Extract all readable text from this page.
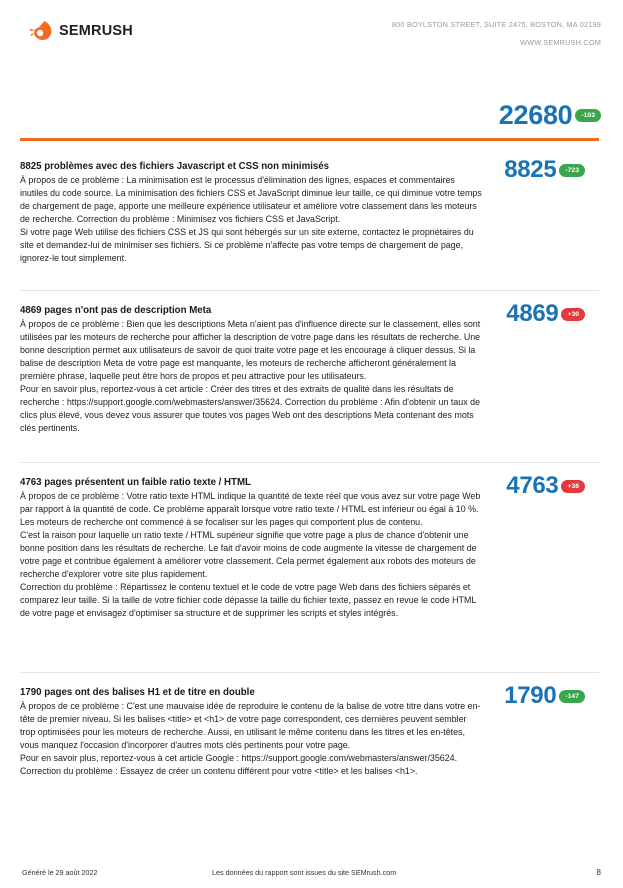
SEMRUSH	800 BOYLSTON STREET, SUITE 2475, BOSTON, MA 02199
WWW.SEMRUSH.COM
22680	-103
8825 problèmes avec des fichiers Javascript et CSS non minimisés
À propos de ce problème : La minimisation est le processus d'élimination des lignes, espaces et commentaires inutiles du code source. La minimisation des fichiers CSS et JavaScript diminue leur taille, ce qui diminue votre temps de chargement de page, apporte une meilleure expérience utilisateur et améliore votre classement dans les moteurs de recherche. Correction du problème : Minimisez vos fichiers CSS et JavaScript.
Si votre page Web utilise des fichiers CSS et JS qui sont hébergés sur un site externe, contactez le propriétaires du site et demandez-lui de minimiser ses fichiers. Si ce problème n'affecte pas votre temps de chargement de page, ignorez-le tout simplement.
8825	-723
4869 pages n'ont pas de description Meta
À propos de ce problème : Bien que les descriptions Meta n'aient pas d'influence directe sur le classement, elles sont utilisées par les moteurs de recherche pour afficher la description de votre page dans les résultats de recherche. Une bonne description permet aux utilisateurs de savoir de quoi traite votre page et les encourage à cliquer dessus. Si la balise de description Meta de votre page est manquante, les moteurs de recherche afficheront généralement la première phrase, laquelle peut être hors de propos et peu attractive pour les utilisateurs.
Pour en savoir plus, reportez-vous à cet article : Créer des titres et des extraits de qualité dans les résultats de recherche : https://support.google.com/webmasters/answer/35624. Correction du problème : Afin d'obtenir un taux de clics plus élevé, vous devez vous assurer que toutes vos pages Web ont des descriptions Meta contenant des mots clés pertinents.
4869	+30
4763 pages présentent un faible ratio texte / HTML
À propos de ce problème : Votre ratio texte HTML indique la quantité de texte réel que vous avez sur votre page Web par rapport à la quantité de code. Ce problème apparaît lorsque votre ratio texte / HTML est inférieur ou égal à 10 %. Les moteurs de recherche ont commencé à se focaliser sur les pages qui comportent plus de contenu.
C'est la raison pour laquelle un ratio texte / HTML supérieur signifie que votre page a plus de chance d'obtenir une bonne position dans les résultats de recherche. Le fait d'avoir moins de code augmente la vitesse de chargement de votre page et contribue également à améliorer votre classement. Cela permet également aux robots des moteurs de recherche d'explorer votre site plus rapidement.
Correction du problème : Répartissez le contenu textuel et le code de votre page Web dans des fichiers séparés et comparez leur taille. Si la taille de votre fichier code dépasse la taille du fichier texte, passez en revue le code HTML de votre page et envisagez d'optimiser sa structure et de supprimer les scripts et styles intégrés.
4763	+38
1790 pages ont des balises H1 et de titre en double
À propos de ce problème : C'est une mauvaise idée de reproduire le contenu de la balise de votre titre dans votre en-tête de premier niveau. Si les balises <title> et <h1> de votre page correspondent, ces dernières peuvent sembler trop optimisées pour les moteurs de recherche. Aussi, en utilisant le même contenu dans les titres et les en-têtes, vous manquez l'occasion d'incorporer d'autres mots clés pertinents pour votre page.
Pour en savoir plus, reportez-vous à cet article Google : https://support.google.com/webmasters/answer/35624. Correction du problème : Essayez de créer un contenu différent pour votre <title> et les balises <h1>.
1790	-147
Généré le 29 août 2022	Les données du rapport sont issues du site SEMrush.com	8
